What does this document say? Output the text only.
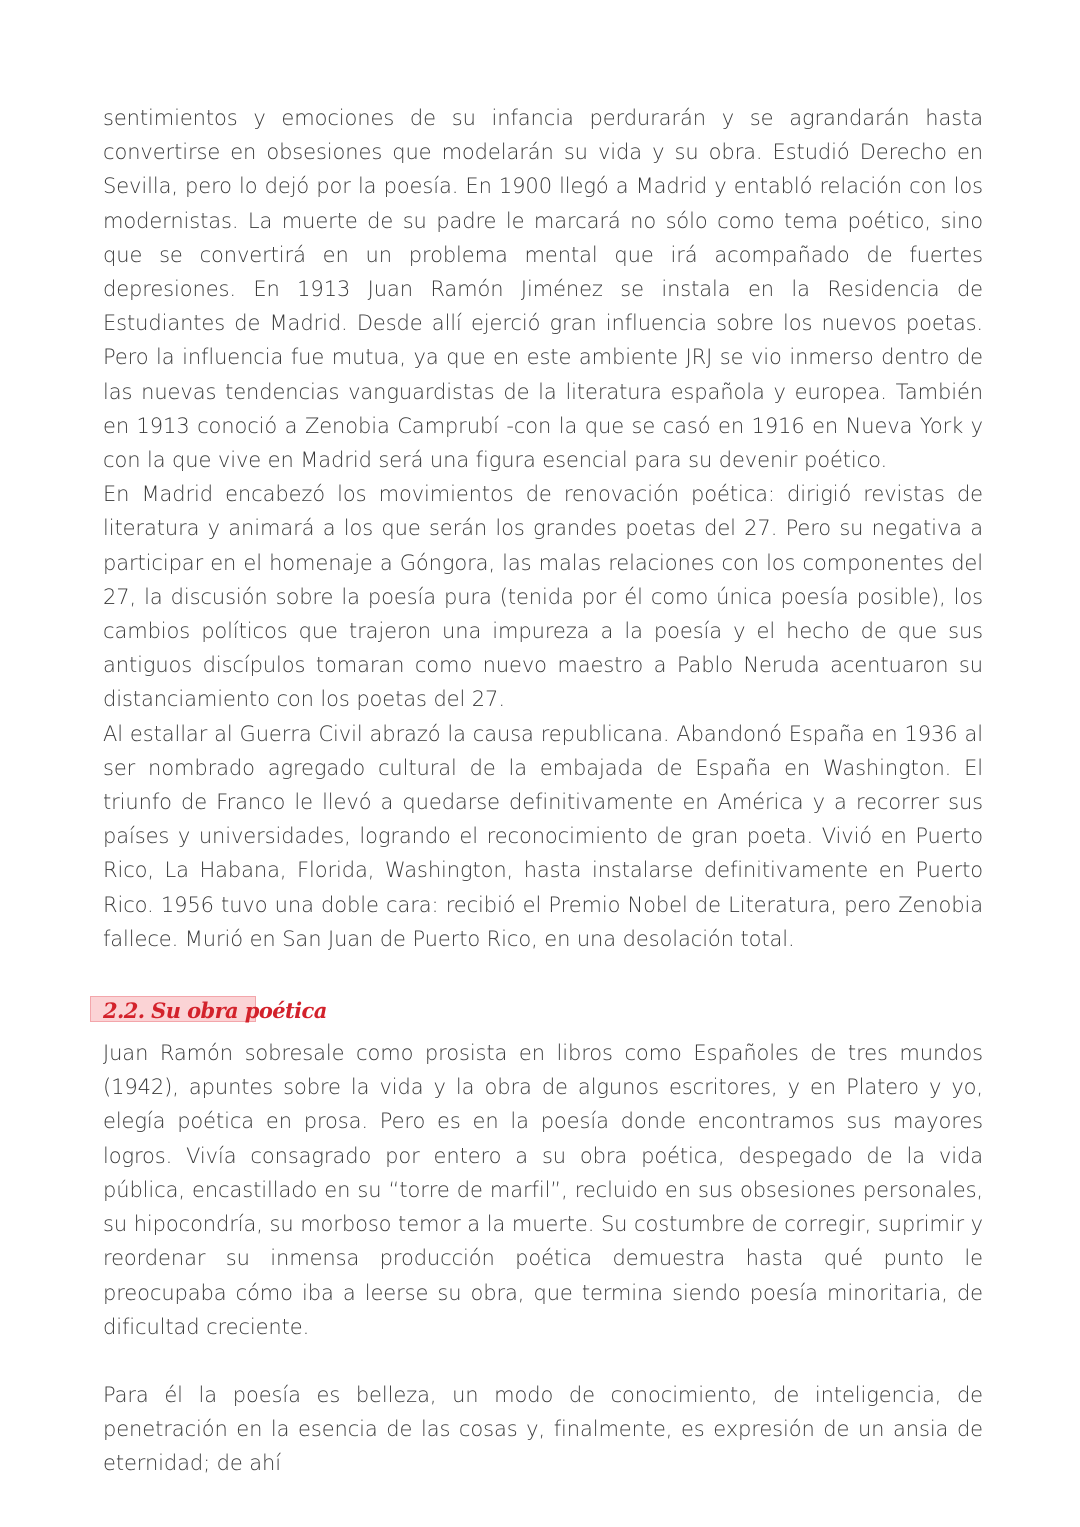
sentimientos y emociones de su infancia perdurarán y se agrandarán hasta convertirse en obsesiones que modelarán su vida y su obra. Estudió Derecho en Sevilla, pero lo dejó por la poesía. En 1900 llegó a Madrid y entabló relación con los modernistas. La muerte de su padre le marcará no sólo como tema poético, sino que se convertirá en un problema mental que irá acompañado de fuertes depresiones. En 1913 Juan Ramón Jiménez se instala en la Residencia de Estudiantes de Madrid. Desde allí ejerció gran influencia sobre los nuevos poetas. Pero la influencia fue mutua, ya que en este ambiente JRJ se vio inmerso dentro de las nuevas tendencias vanguardistas de la literatura española y europea. También en 1913 conoció a Zenobia Camprubí -con la que se casó en 1916 en Nueva York y con la que vive en Madrid será una figura esencial para su devenir poético.

En Madrid encabezó los movimientos de renovación poética: dirigió revistas de literatura y animará a los que serán los grandes poetas del 27. Pero su negativa a participar en el homenaje a Góngora, las malas relaciones con los componentes del 27, la discusión sobre la poesía pura (tenida por él como única poesía posible), los cambios políticos que trajeron una impureza a la poesía y el hecho de que sus antiguos discípulos tomaran como nuevo maestro a Pablo Neruda acentuaron su distanciamiento con los poetas del 27.

Al estallar al Guerra Civil abrazó la causa republicana. Abandonó España en 1936 al ser nombrado agregado cultural de la embajada de España en Washington. El triunfo de Franco le llevó a quedarse definitivamente en América y a recorrer sus países y universidades, logrando el reconocimiento de gran poeta. Vivió en Puerto Rico, La Habana, Florida, Washington, hasta instalarse definitivamente en Puerto Rico. 1956 tuvo una doble cara: recibió el Premio Nobel de Literatura, pero Zenobia fallece. Murió en San Juan de Puerto Rico, en una desolación total.

2.2. Su obra poética

Juan Ramón sobresale como prosista en libros como Españoles de tres mundos (1942), apuntes sobre la vida y la obra de algunos escritores, y en Platero y yo, elegía poética en prosa. Pero es en la poesía donde encontramos sus mayores logros. Vivía consagrado por entero a su obra poética, despegado de la vida pública, encastillado en su “torre de marfil”, recluido en sus obsesiones personales, su hipocondría, su morboso temor a la muerte. Su costumbre de corregir, suprimir y reordenar su inmensa producción poética demuestra hasta qué punto le preocupaba cómo iba a leerse su obra, que termina siendo poesía minoritaria, de dificultad creciente.

Para él la poesía es belleza, un modo de conocimiento, de inteligencia, de penetración en la esencia de las cosas y, finalmente, es expresión de un ansia de eternidad; de ahí
